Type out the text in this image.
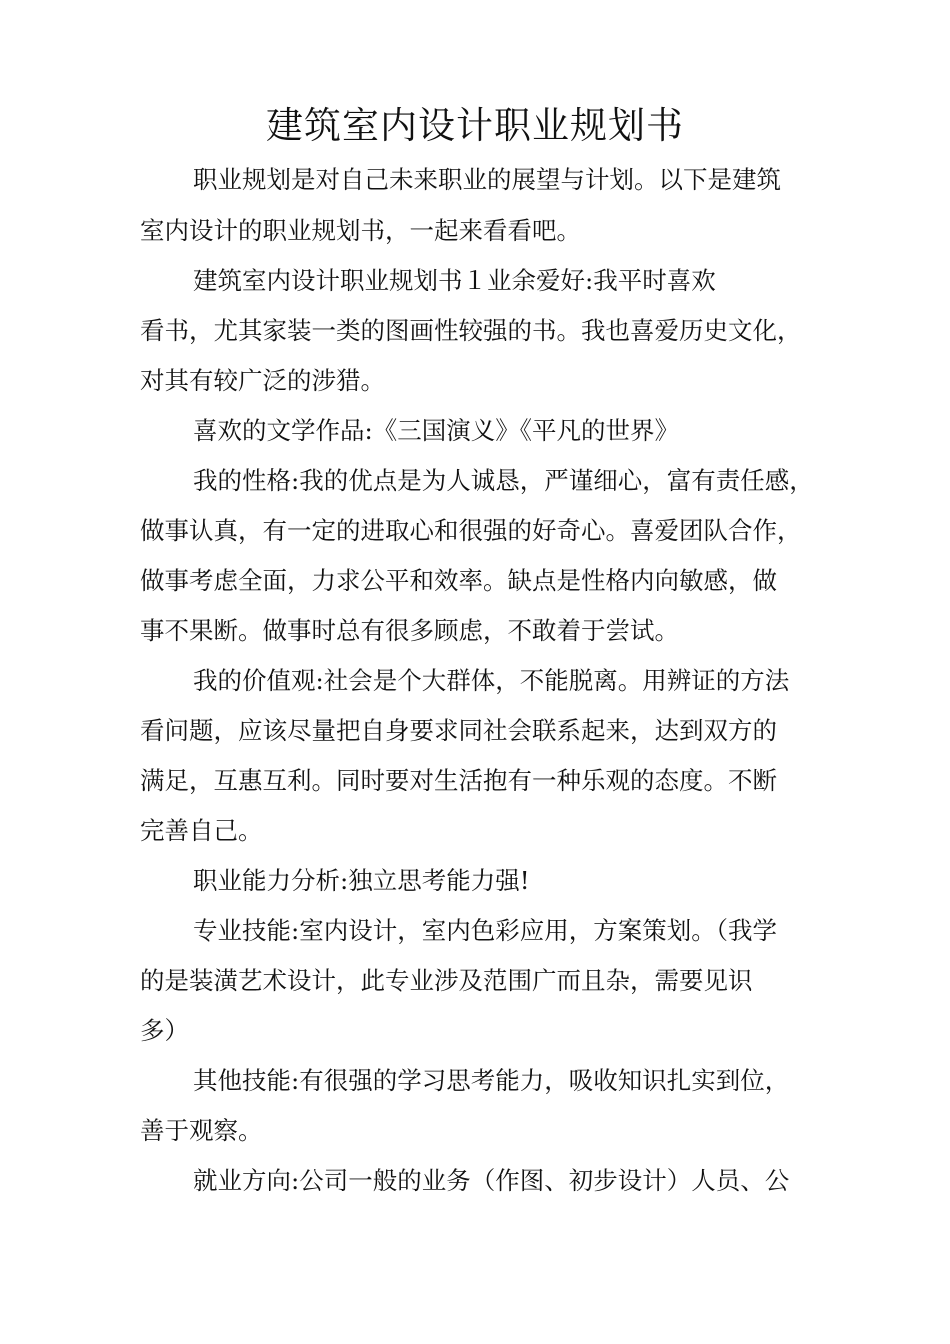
建筑室内设计职业规划书

职业规划是对自己未来职业的展望与计划。以下是建筑

室内设计的职业规划书，一起来看看吧。

建筑室内设计职业规划书１业余爱好:我平时喜欢

看书，尤其家装一类的图画性较强的书。我也喜爱历史文化，

对其有较广泛的涉猎。

喜欢的文学作品:《三国演义》《平凡的世界》

我的性格:我的优点是为人诚恳，严谨细心，富有责任感，

做事认真，有一定的进取心和很强的好奇心。喜爱团队合作，

做事考虑全面，力求公平和效率。缺点是性格内向敏感，做

事不果断。做事时总有很多顾虑，不敢着于尝试。

我的价值观:社会是个大群体，不能脱离。用辨证的方法

看问题，应该尽量把自身要求同社会联系起来，达到双方的

满足，互惠互利。同时要对生活抱有一种乐观的态度。不断

完善自己。

职业能力分析:独立思考能力强!

专业技能:室内设计，室内色彩应用，方案策划。（我学

的是装潢艺术设计，此专业涉及范围广而且杂，需要见识

多）

其他技能:有很强的学习思考能力，吸收知识扎实到位，

善于观察。

就业方向:公司一般的业务（作图、初步设计）人员、公
